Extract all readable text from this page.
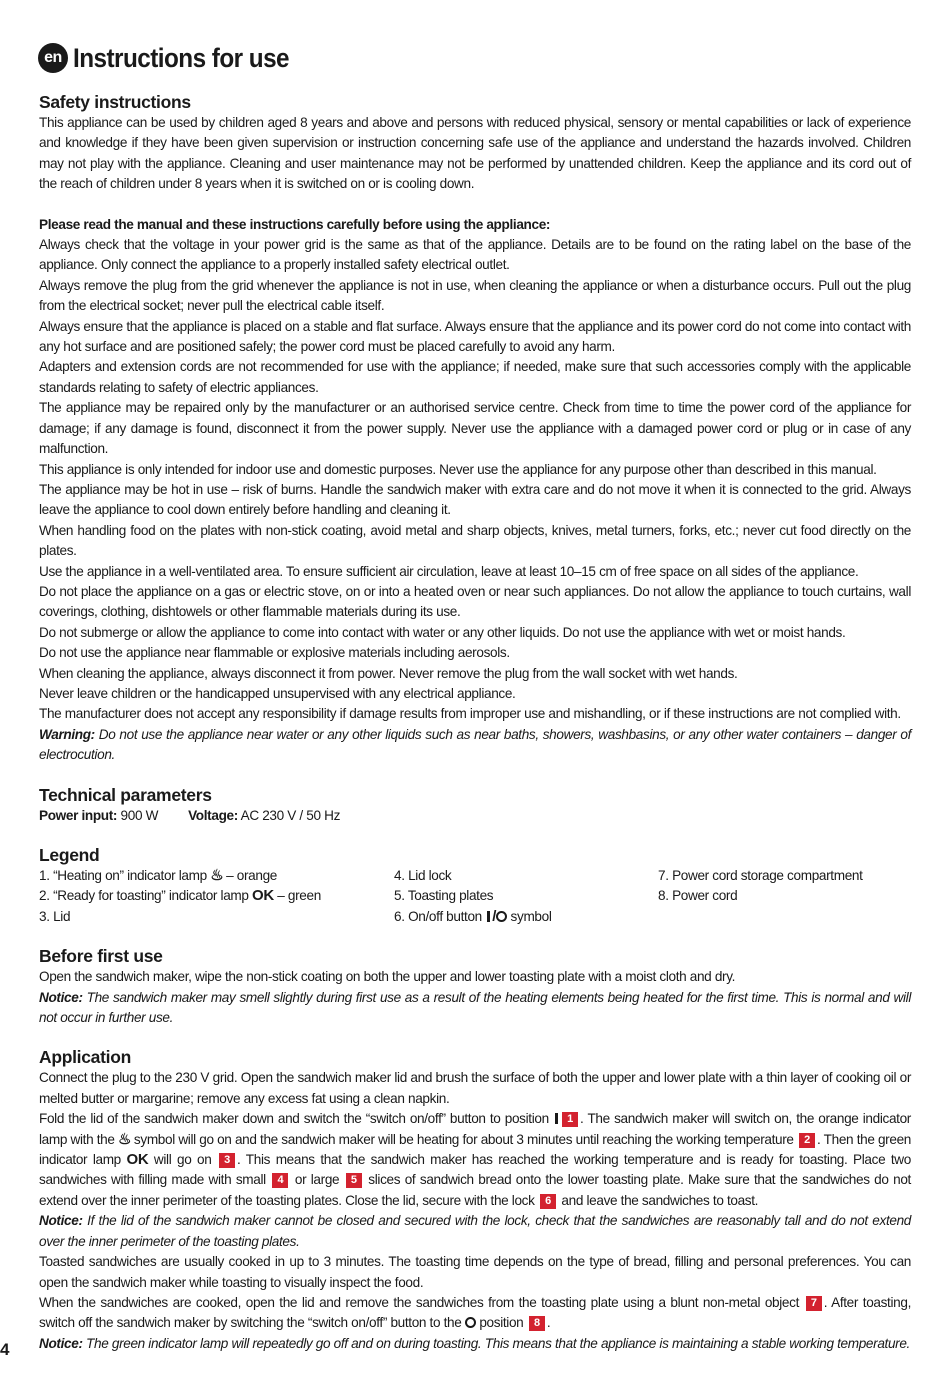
en Instructions for use
Safety instructions

This appliance can be used by children aged 8 years and above and persons with reduced physical, sensory or mental capabilities or lack of experience and knowledge if they have been given supervision or instruction concerning safe use of the appliance and understand the hazards involved. Children may not play with the appliance. Cleaning and user maintenance may not be performed by unattended children. Keep the appliance and its cord out of the reach of children under 8 years when it is switched on or is cooling down.

Please read the manual and these instructions carefully before using the appliance:

Always check that the voltage in your power grid is the same as that of the appliance. Details are to be found on the rating label on the base of the appliance. Only connect the appliance to a properly installed safety electrical outlet.

Always remove the plug from the grid whenever the appliance is not in use, when cleaning the appliance or when a disturbance occurs. Pull out the plug from the electrical socket; never pull the electrical cable itself.

Always ensure that the appliance is placed on a stable and flat surface. Always ensure that the appliance and its power cord do not come into contact with any hot surface and are positioned safely; the power cord must be placed carefully to avoid any harm.

Adapters and extension cords are not recommended for use with the appliance; if needed, make sure that such accessories comply with the applicable standards relating to safety of electric appliances.

The appliance may be repaired only by the manufacturer or an authorised service centre. Check from time to time the power cord of the appliance for damage; if any damage is found, disconnect it from the power supply. Never use the appliance with a damaged power cord or plug or in case of any malfunction.

This appliance is only intended for indoor use and domestic purposes. Never use the appliance for any purpose other than described in this manual.

The appliance may be hot in use – risk of burns. Handle the sandwich maker with extra care and do not move it when it is connected to the grid. Always leave the appliance to cool down entirely before handling and cleaning it.

When handling food on the plates with non-stick coating, avoid metal and sharp objects, knives, metal turners, forks, etc.; never cut food directly on the plates.

Use the appliance in a well-ventilated area. To ensure sufficient air circulation, leave at least 10–15 cm of free space on all sides of the appliance.

Do not place the appliance on a gas or electric stove, on or into a heated oven or near such appliances. Do not allow the appliance to touch curtains, wall coverings, clothing, dishtowels or other flammable materials during its use.

Do not submerge or allow the appliance to come into contact with water or any other liquids. Do not use the appliance with wet or moist hands.

Do not use the appliance near flammable or explosive materials including aerosols.

When cleaning the appliance, always disconnect it from power. Never remove the plug from the wall socket with wet hands.

Never leave children or the handicapped unsupervised with any electrical appliance.

The manufacturer does not accept any responsibility if damage results from improper use and mishandling, or if these instructions are not complied with.

Warning: Do not use the appliance near water or any other liquids such as near baths, showers, washbasins, or any other water containers – danger of electrocution.

Technical parameters

Power input: 900 W Voltage: AC 230 V / 50 Hz

Legend
1. “Heating on” indicator lamp ♨ – orange	4. Lid lock	7. Power cord storage compartment
2. “Ready for toasting” indicator lamp OK – green	5. Toasting plates	8. Power cord
3. Lid	6. On/off button / symbol
Before first use

Open the sandwich maker, wipe the non-stick coating on both the upper and lower toasting plate with a moist cloth and dry.

Notice: The sandwich maker may smell slightly during first use as a result of the heating elements being heated for the first time. This is normal and will not occur in further use.

Application

Connect the plug to the 230 V grid. Open the sandwich maker lid and brush the surface of both the upper and lower plate with a thin layer of cooking oil or melted butter or margarine; remove any excess fat using a clean napkin.

Fold the lid of the sandwich maker down and switch the “switch on/off” button to position 1 . The sandwich maker will switch on, the orange indicator lamp with the ♨ symbol will go on and the sandwich maker will be heating for about 3 minutes until reaching the working temperature 2 . Then the green indicator lamp OK will go on 3 . This means that the sandwich maker has reached the working temperature and is ready for toasting. Place two sandwiches with filling made with small 4 or large 5 slices of sandwich bread onto the lower toasting plate. Make sure that the sandwiches do not extend over the inner perimeter of the toasting plates. Close the lid, secure with the lock 6 and leave the sandwiches to toast.

Notice: If the lid of the sandwich maker cannot be closed and secured with the lock, check that the sandwiches are reasonably tall and do not extend over the inner perimeter of the toasting plates.

Toasted sandwiches are usually cooked in up to 3 minutes. The toasting time depends on the type of bread, filling and personal preferences. You can open the sandwich maker while toasting to visually inspect the food.

When the sandwiches are cooked, open the lid and remove the sandwiches from the toasting plate using a blunt non-metal object 7 . After toasting, switch off the sandwich maker by switching the “switch on/off” button to the  position 8 .

Notice: The green indicator lamp will repeatedly go off and on during toasting. This means that the appliance is maintaining a stable working temperature.

4
